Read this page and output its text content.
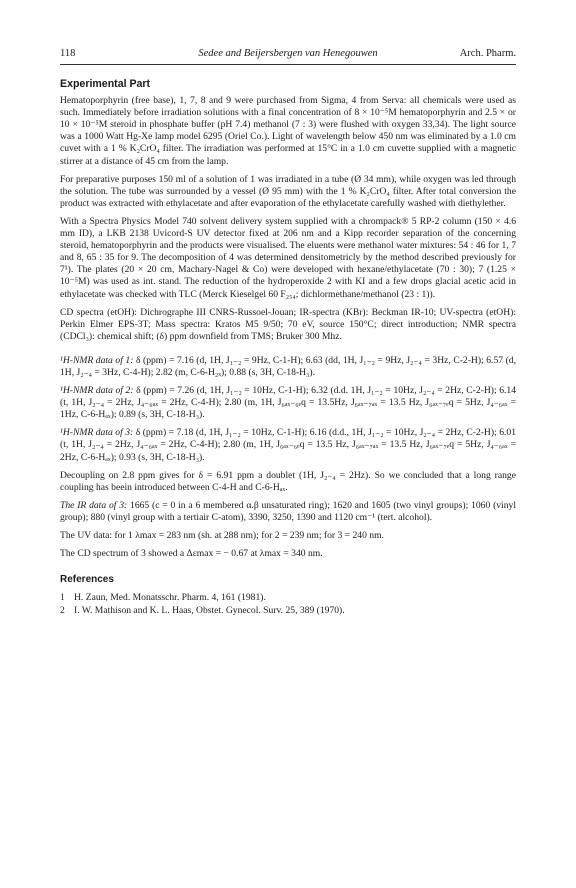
118	Sedee and Beijersbergen van Henegouwen	Arch. Pharm.
Experimental Part

Hematoporphyrin (free base), 1, 7, 8 and 9 were purchased from Sigma, 4 from Serva: all chemicals were used as such. Immediately before irradiation solutions with a final concentration of 8 × 10⁻⁵M hematoporphyrin and 2.5 × or 10 × 10⁻⁵M steroid in phosphate buffer (pH 7.4) methanol (7 : 3) were flushed with oxygen 33,34). The light source was a 1000 Watt Hg-Xe lamp model 6295 (Oriel Co.). Light of wavelength below 450 nm was eliminated by a 1.0 cm cuvet with a 1 % K₂CrO₄ filter. The irradiation was performed at 15°C in a 1.0 cm cuvette supplied with a magnetic stirrer at a distance of 45 cm from the lamp.

For preparative purposes 150 ml of a solution of 1 was irradiated in a tube (Ø 34 mm), while oxygen was led through the solution. The tube was surrounded by a vessel (Ø 95 mm) with the 1 % K₂CrO₄ filter. After total conversion the product was extracted with ethylacetate and after evaporation of the ethylacetate carefully washed with diethylether.

With a Spectra Physics Model 740 solvent delivery system supplied with a chrompack® 5 RP-2 column (150 × 4.6 mm ID), a LKB 2138 Uvicord-S UV detector fixed at 206 nm and a Kipp recorder separation of the concerning steroid, hematoporphyrin and the products were visualised. The eluents were methanol water mixtures: 54 : 46 for 1, 7 and 8, 65 : 35 for 9. The decomposition of 4 was determined densitometricly by the method described previously for 7¹). The plates (20 × 20 cm, Machary-Nagel & Co) were developed with hexane/ethylacetate (70 : 30); 7 (1.25 × 10⁻⁵M) was used as int. stand. The reduction of the hydroperoxide 2 with KI and a few drops glacial acetic acid in ethylacetate was checked with TLC (Merck Kieselgel 60 F₂₅₄; dichlormethane/methanol (23 : 1)).

CD spectra (etOH): Dichrographe III CNRS-Russoel-Jouan; IR-spectra (KBr): Beckman IR-10; UV-spectra (etOH): Perkin Elmer EPS-3T; Mass spectra: Kratos M5 9/50; 70 eV, source 150°C; direct introduction; NMR spectra (CDCl₃): chemical shift; (δ) ppm downfield from TMS; Bruker 300 Mhz.

¹H-NMR data of 1: δ (ppm) = 7.16 (d, 1H, J₁₋₂ = 9Hz, C-1-H); 6.63 (dd, 1H, J₁₋₂ = 9Hz, J₂₋₄ = 3Hz, C-2-H); 6.57 (d, 1H, J₂₋₄ = 3Hz, C-4-H); 2.82 (m, C-6-H₂ₓ); 0.88 (s, 3H, C-18-H₃).

¹H-NMR data of 2: δ (ppm) = 7.26 (d, 1H, J₁₋₂ = 10Hz, C-1-H); 6.32 (d.d. 1H, J₁₋₂ = 10Hz, J₂₋₄ = 2Hz, C-2-H); 6.14 (t, 1H, J₂₋₄ = 2Hz, J₄₋₆ₐₓ = 2Hz, C-4-H); 2.80 (m, 1H, J₆ₐₓ₋₆ₑq = 13.5Hz, J₆ₐₓ₋₇ₐₓ = 13.5 Hz, J₆ₐₓ₋₇ₑq = 5Hz, J₄₋₆ₐₓ = 1Hz, C-6-Hₐₓ); 0.89 (s, 3H, C-18-H₃).

¹H-NMR data of 3: δ (ppm) = 7.18 (d, 1H, J₁₋₂ = 10Hz, C-1-H); 6.16 (d.d., 1H, J₁₋₂ = 10Hz, J₂₋₄ = 2Hz, C-2-H); 6.01 (t, 1H, J₂₋₄ = 2Hz, J₄₋₆ₐₓ = 2Hz, C-4-H); 2.80 (m, 1H, J₆ₐₓ₋₆ₑq = 13.5 Hz, J₆ₐₓ₋₇ₐₓ = 13.5 Hz, J₆ₐₓ₋₇ₑq = 5Hz, J₄₋₆ₐₓ = 2Hz, C-6-Hₐₓ); 0.93 (s, 3H, C-18-H₃).

Decoupling on 2.8 ppm gives for δ = 6.91 ppm a doublet (1H, J₂₋₄ = 2Hz). So we concluded that a long range coupling has beein introduced between C-4-H and C-6-Hₐₓ.

The IR data of 3: 1665 (c = 0 in a 6 membered α.β unsaturated ring); 1620 and 1605 (two vinyl groups); 1060 (vinyl group); 880 (vinyl group with a tertiair C-atom), 3390, 3250, 1390 and 1120 cm⁻¹ (tert. alcohol).

The UV data: for 1 λmax = 283 nm (sh. at 288 nm); for 2 = 239 nm; for 3 = 240 nm.

The CD spectrum of 3 showed a Δεmax = − 0.67 at λmax = 340 nm.

References
1 H. Zaun, Med. Monatsschr. Pharm. 4, 161 (1981).
2 I. W. Mathison and K. L. Haas, Obstet. Gynecol. Surv. 25, 389 (1970).
